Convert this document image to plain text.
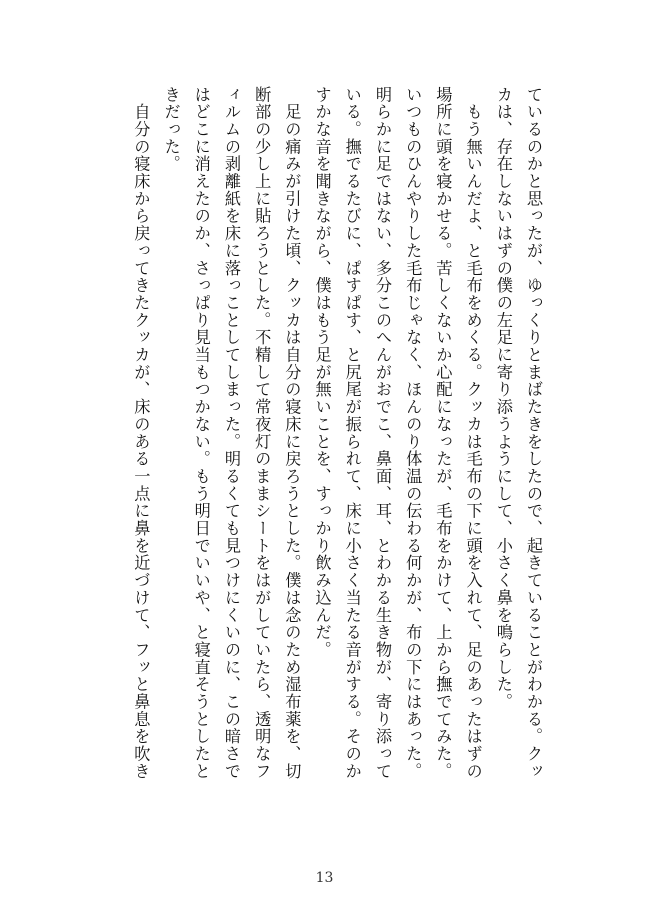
ているのかと思ったが、ゆっくりとまばたきをしたので、起きていることがわかる。クッ
カは、存在しないはずの僕の左足に寄り添うようにして、小さく鼻を鳴らした。
　もう無いんだよ、と毛布をめくる。クッカは毛布の下に頭を入れて、足のあったはずの
場所に頭を寝かせる。苦しくないか心配になったが、毛布をかけて、上から撫でてみた。
いつものひんやりした毛布じゃなく、ほんのり体温の伝わる何かが、布の下にはあった。
明らかに足ではない、多分このへんがおでこ、鼻面、耳、とわかる生き物が、寄り添って
いる。撫でるたびに、ぱすぱす、と尻尾が振られて、床に小さく当たる音がする。そのか
すかな音を聞きながら、僕はもう足が無いことを、すっかり飲み込んだ。
　足の痛みが引けた頃、クッカは自分の寝床に戻ろうとした。僕は念のため湿布薬を、切
断部の少し上に貼ろうとした。不精して常夜灯のままシートをはがしていたら、透明なフ
ィルムの剥離紙を床に落っことしてしまった。明るくても見つけにくいのに、この暗さで
はどこに消えたのか、さっぱり見当もつかない。もう明日でいいや、と寝直そうとしたと
きだった。
　自分の寝床から戻ってきたクッカが、床のある一点に鼻を近づけて、フッと鼻息を吹き
13
